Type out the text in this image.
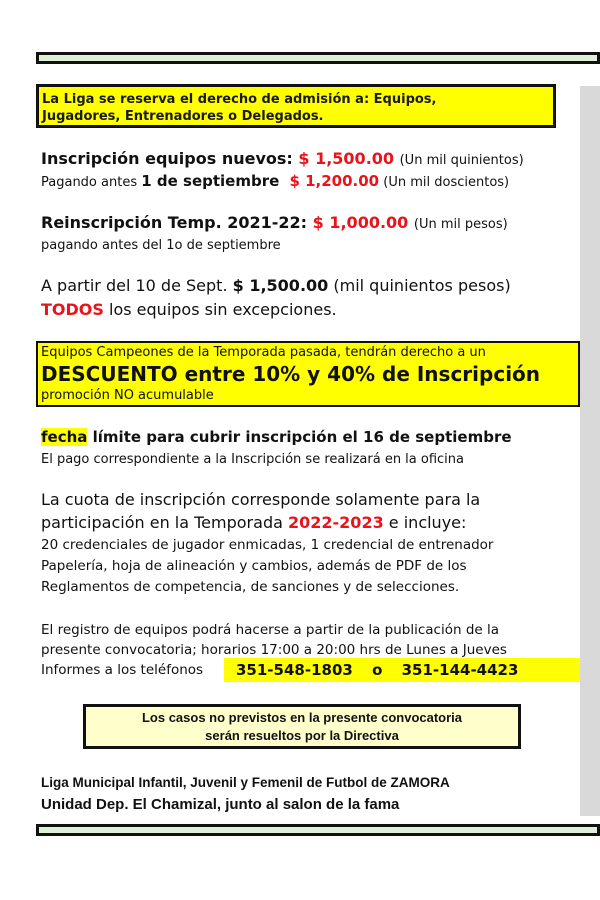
La Liga se reserva el derecho de admisión a: Equipos,
Jugadores, Entrenadores o Delegados.
Inscripción equipos nuevos: $ 1,500.00 (Un mil quinientos)
Pagando antes 1 de septiembre $ 1,200.00 (Un mil doscientos)
Reinscripción Temp. 2021-22: $ 1,000.00 (Un mil pesos)
pagando antes del 1o de septiembre
A partir del 10 de Sept. $ 1,500.00 (mil quinientos pesos)
TODOS los equipos sin excepciones.
Equipos Campeones de la Temporada pasada, tendrán derecho a un
DESCUENTO entre 10% y 40% de Inscripción
promoción NO acumulable
fecha límite para cubrir inscripción el 16 de septiembre
El pago correspondiente a la Inscripción se realizará en la oficina
La cuota de inscripción corresponde solamente para la
participación en la Temporada 2022-2023 e incluye:
20 credenciales de jugador enmicadas, 1 credencial de entrenador
Papelería, hoja de alineación y cambios, además de PDF de los
Reglamentos de competencia, de sanciones y de selecciones.
El registro de equipos podrá hacerse a partir de la publicación de la
presente convocatoria; horarios 17:00 a 20:00 hrs de Lunes a Jueves
Informes a los teléfonos	351-548-1803 o 351-144-4423
Los casos no previstos en la presente convocatoria
serán resueltos por la Directiva
Liga Municipal Infantil, Juvenil y Femenil de Futbol de ZAMORA
Unidad Dep. El Chamizal, junto al salon de la fama
